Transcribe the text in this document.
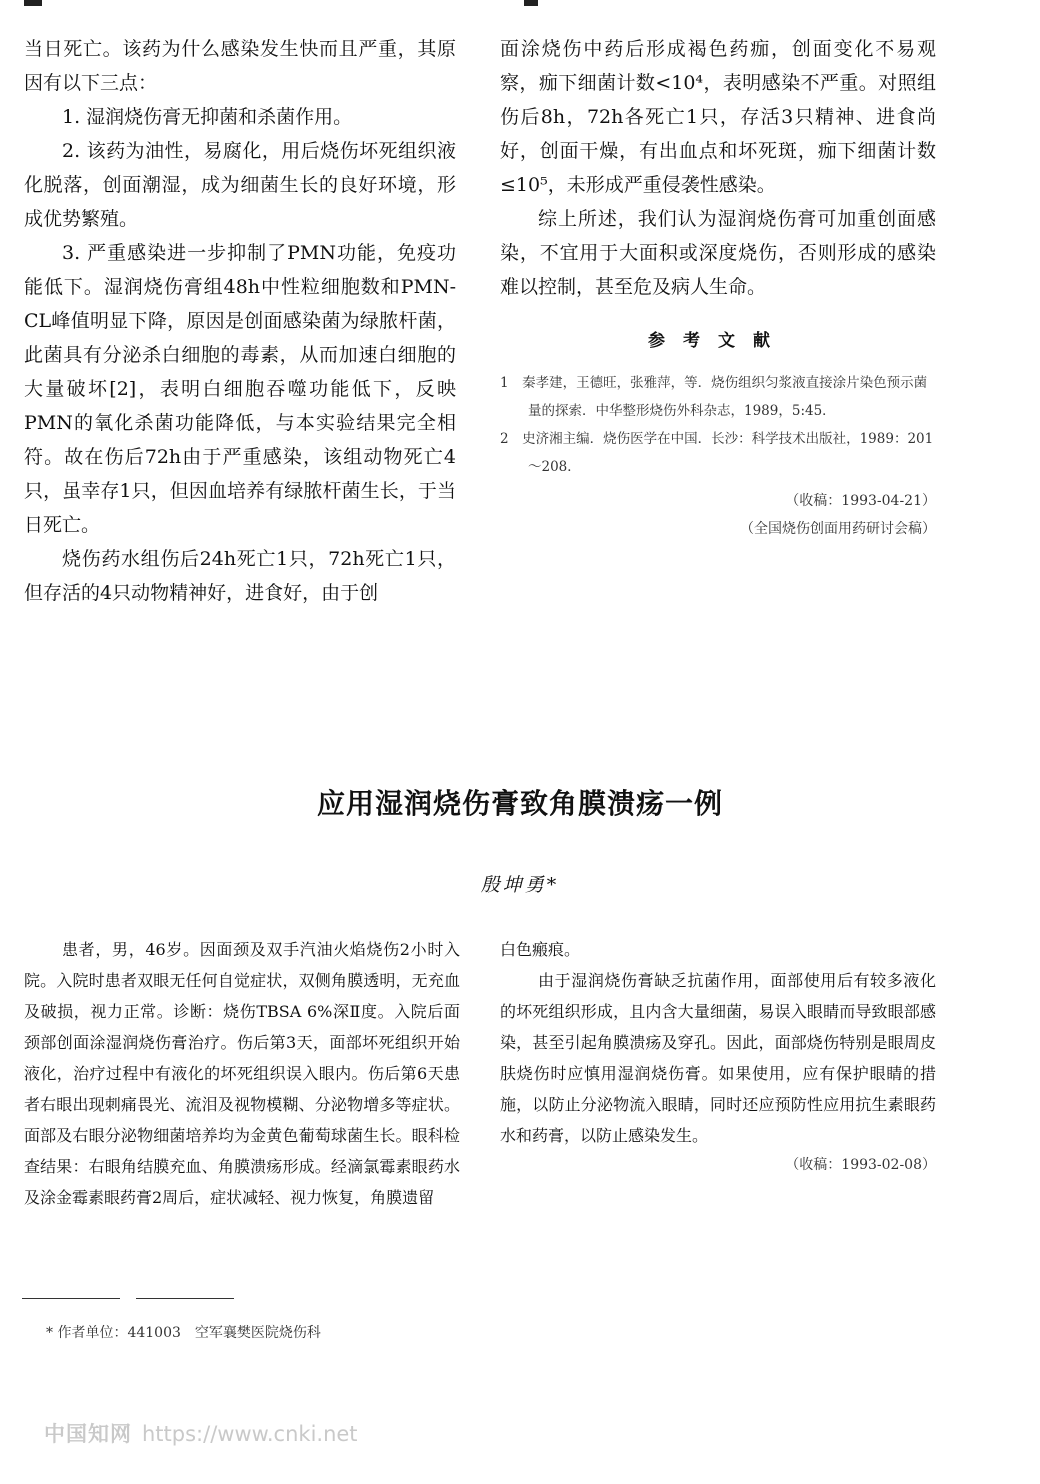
当日死亡。该药为什么感染发生快而且严重，其原因有以下三点：

1. 湿润烧伤膏无抑菌和杀菌作用。

2. 该药为油性，易腐化，用后烧伤坏死组织液化脱落，创面潮湿，成为细菌生长的良好环境，形成优势繁殖。

3. 严重感染进一步抑制了PMN功能，免疫功能低下。湿润烧伤膏组48h中性粒细胞数和PMN-CL峰值明显下降，原因是创面感染菌为绿脓杆菌，此菌具有分泌杀白细胞的毒素，从而加速白细胞的大量破坏[2]，表明白细胞吞噬功能低下，反映PMN的氧化杀菌功能降低，与本实验结果完全相符。故在伤后72h由于严重感染，该组动物死亡4只，虽幸存1只，但因血培养有绿脓杆菌生长，于当日死亡。

烧伤药水组伤后24h死亡1只，72h死亡1只，但存活的4只动物精神好，进食好，由于创

面涂烧伤中药后形成褐色药痂，创面变化不易观察，痂下细菌计数<10⁴，表明感染不严重。对照组伤后8h，72h各死亡1只，存活3只精神、进食尚好，创面干燥，有出血点和坏死斑，痂下细菌计数≤10⁵，未形成严重侵袭性感染。

综上所述，我们认为湿润烧伤膏可加重创面感染，不宜用于大面积或深度烧伤，否则形成的感染难以控制，甚至危及病人生命。

参考文献

1　秦孝建，王德旺，张雅萍，等．烧伤组织匀浆液直接涂片染色预示菌量的探索．中华整形烧伤外科杂志，1989，5:45．

2　史济湘主编．烧伤医学在中国．长沙：科学技术出版社，1989：201～208．

（收稿：1993-04-21）

（全国烧伤创面用药研讨会稿）

应用湿润烧伤膏致角膜溃疡一例

殷坤勇*

患者，男，46岁。因面颈及双手汽油火焰烧伤2小时入院。入院时患者双眼无任何自觉症状，双侧角膜透明，无充血及破损，视力正常。诊断：烧伤TBSA 6%深Ⅱ度。入院后面颈部创面涂湿润烧伤膏治疗。伤后第3天，面部坏死组织开始液化，治疗过程中有液化的坏死组织误入眼内。伤后第6天患者右眼出现刺痛畏光、流泪及视物模糊、分泌物增多等症状。面部及右眼分泌物细菌培养均为金黄色葡萄球菌生长。眼科检查结果：右眼角结膜充血、角膜溃疡形成。经滴氯霉素眼药水及涂金霉素眼药膏2周后，症状减轻、视力恢复，角膜遗留

白色瘢痕。

由于湿润烧伤膏缺乏抗菌作用，面部使用后有较多液化的坏死组织形成，且内含大量细菌，易误入眼睛而导致眼部感染，甚至引起角膜溃疡及穿孔。因此，面部烧伤特别是眼周皮肤烧伤时应慎用湿润烧伤膏。如果使用，应有保护眼睛的措施，以防止分泌物流入眼睛，同时还应预防性应用抗生素眼药水和药膏，以防止感染发生。

（收稿：1993-02-08）

* 作者单位：441003　空军襄樊医院烧伤科

中国知网 https://www.cnki.net
